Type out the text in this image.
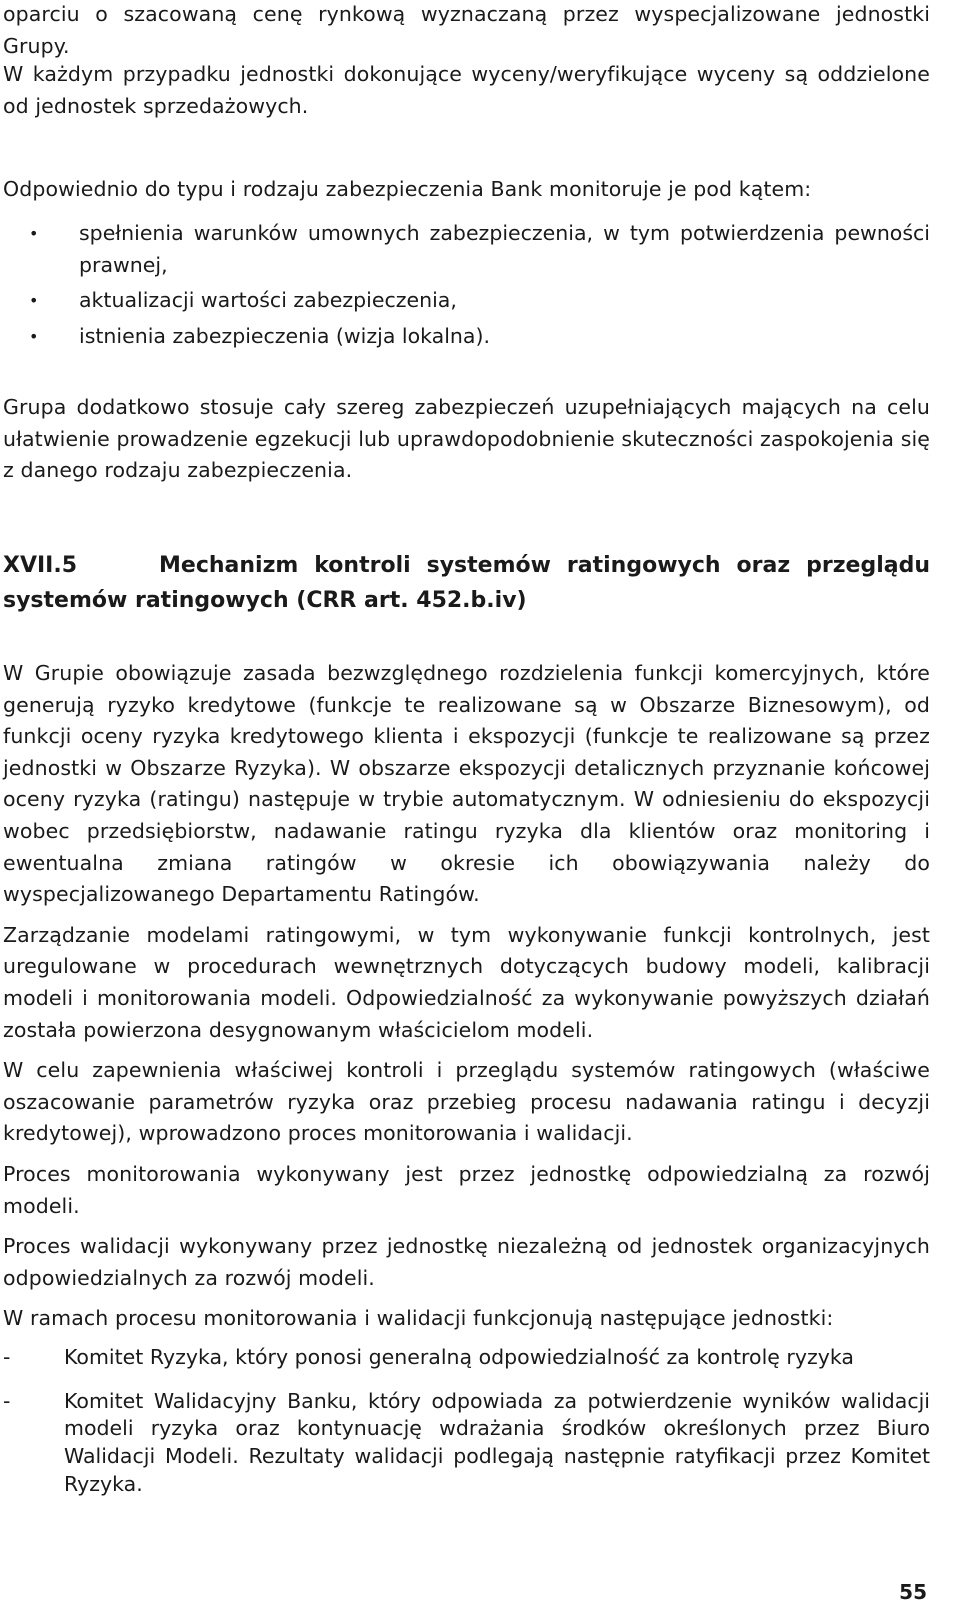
oparciu o szacowaną cenę rynkową wyznaczaną przez wyspecjalizowane jednostki Grupy.

W każdym przypadku jednostki dokonujące wyceny/weryfikujące wyceny są oddzielone od jednostek sprzedażowych.

Odpowiednio do typu i rodzaju zabezpieczenia Bank monitoruje je pod kątem:

• spełnienia warunków umownych zabezpieczenia, w tym potwierdzenia pewności prawnej,
• aktualizacji wartości zabezpieczenia,
• istnienia zabezpieczenia (wizja lokalna).

Grupa dodatkowo stosuje cały szereg zabezpieczeń uzupełniających mających na celu ułatwienie prowadzenie egzekucji lub uprawdopodobnienie skuteczności zaspokojenia się z danego rodzaju zabezpieczenia.

XVII.5	Mechanizm kontroli systemów ratingowych oraz przeglądu systemów ratingowych (CRR art. 452.b.iv)

W Grupie obowiązuje zasada bezwzględnego rozdzielenia funkcji komercyjnych, które generują ryzyko kredytowe (funkcje te realizowane są w Obszarze Biznesowym), od funkcji oceny ryzyka kredytowego klienta i ekspozycji (funkcje te realizowane są przez jednostki w Obszarze Ryzyka). W obszarze ekspozycji detalicznych przyznanie końcowej oceny ryzyka (ratingu) następuje w trybie automatycznym. W odniesieniu do ekspozycji wobec przedsiębiorstw, nadawanie ratingu ryzyka dla klientów oraz monitoring i ewentualna zmiana ratingów w okresie ich obowiązywania należy do wyspecjalizowanego Departamentu Ratingów.

Zarządzanie modelami ratingowymi, w tym wykonywanie funkcji kontrolnych, jest uregulowane w procedurach wewnętrznych dotyczących budowy modeli, kalibracji modeli i monitorowania modeli. Odpowiedzialność za wykonywanie powyższych działań została powierzona desygnowanym właścicielom modeli.

W celu zapewnienia właściwej kontroli i przeglądu systemów ratingowych (właściwe oszacowanie parametrów ryzyka oraz przebieg procesu nadawania ratingu i decyzji kredytowej), wprowadzono proces monitorowania i walidacji.

Proces monitorowania wykonywany jest przez jednostkę odpowiedzialną za rozwój modeli.

Proces walidacji wykonywany przez jednostkę niezależną od jednostek organizacyjnych odpowiedzialnych za rozwój modeli.

W ramach procesu monitorowania i walidacji funkcjonują następujące jednostki:

-	Komitet Ryzyka, który ponosi generalną odpowiedzialność za kontrolę ryzyka
-	Komitet Walidacyjny Banku, który odpowiada za potwierdzenie wyników walidacji modeli ryzyka oraz kontynuację wdrażania środków określonych przez Biuro Walidacji Modeli. Rezultaty walidacji podlegają następnie ratyfikacji przez Komitet Ryzyka.
55
